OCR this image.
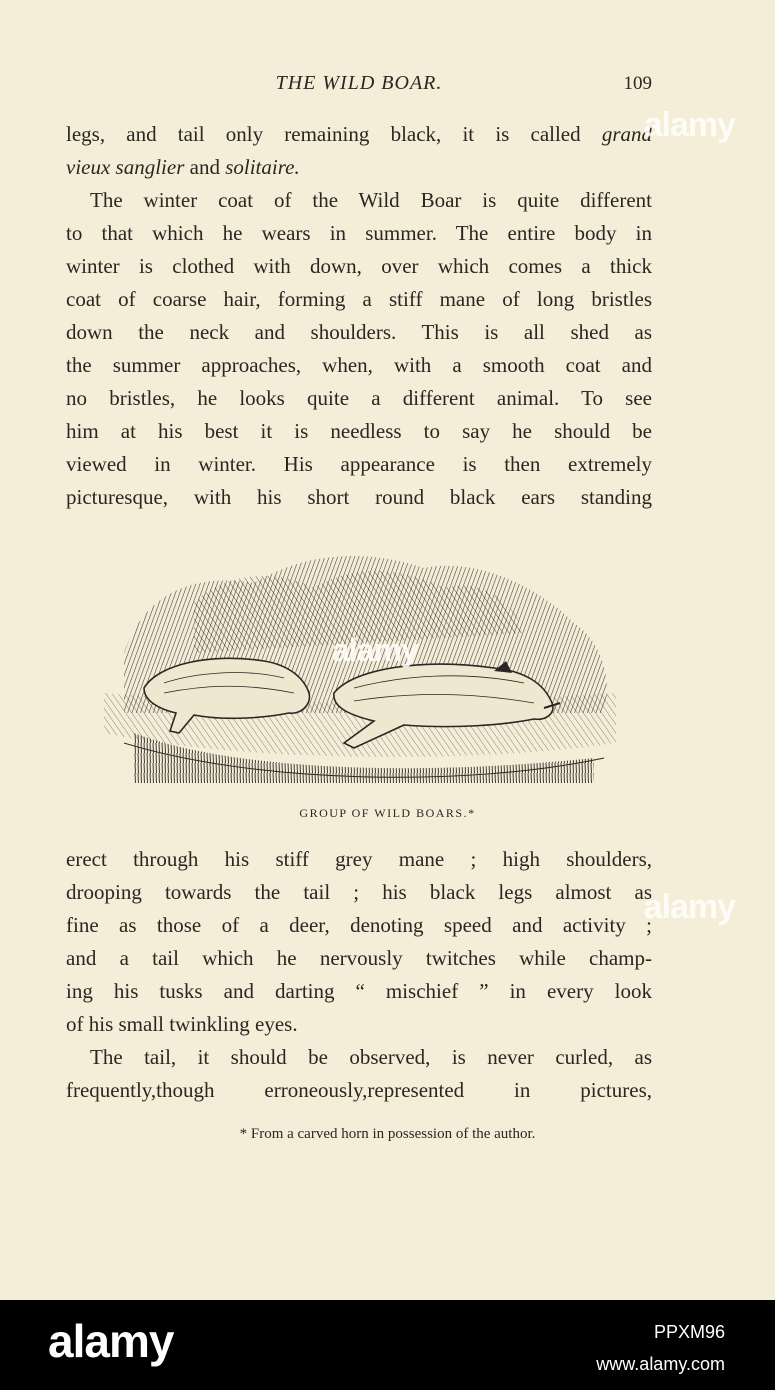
THE WILD BOAR.	109
legs, and tail only remaining black, it is called grand
vieux sanglier and solitaire.
The winter coat of the Wild Boar is quite different
to that which he wears in summer. The entire body in
winter is clothed with down, over which comes a thick
coat of coarse hair, forming a stiff mane of long bristles
down the neck and shoulders. This is all shed as
the summer approaches, when, with a smooth coat and
no bristles, he looks quite a different animal. To see
him at his best it is needless to say he should be
viewed in winter. His appearance is then extremely
picturesque, with his short round black ears standing
GROUP OF WILD BOARS.*
erect through his stiff grey mane ; high shoulders,
drooping towards the tail ; his black legs almost as
fine as those of a deer, denoting speed and activity ;
and a tail which he nervously twitches while champ-
ing his tusks and darting “ mischief ” in every look
of his small twinkling eyes.
The tail, it should be observed, is never curled, as
frequently,though erroneously,represented in pictures,
* From a carved horn in possession of the author.
alamy
alamy
alamy
alamy	PPXM96
www.alamy.com
